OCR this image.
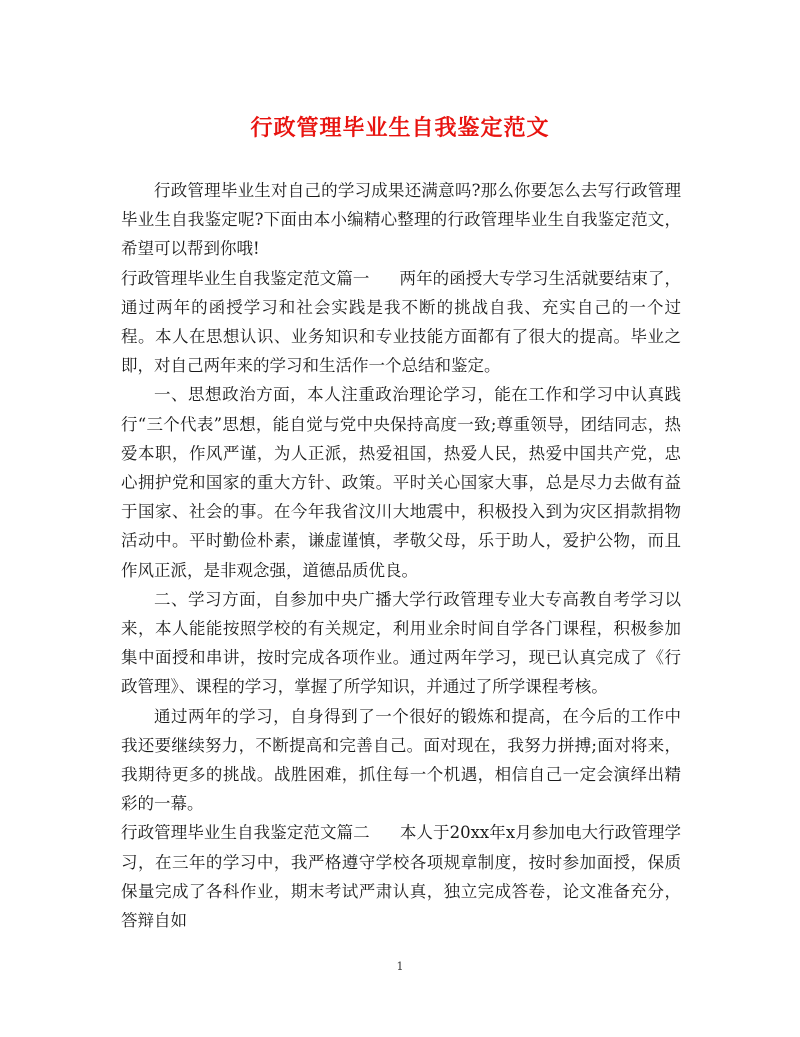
行政管理毕业生自我鉴定范文

行政管理毕业生对自己的学习成果还满意吗?那么你要怎么去写行政管理毕业生自我鉴定呢?下面由本小编精心整理的行政管理毕业生自我鉴定范文，希望可以帮到你哦!

行政管理毕业生自我鉴定范文篇一 两年的函授大专学习生活就要结束了，通过两年的函授学习和社会实践是我不断的挑战自我、充实自己的一个过程。本人在思想认识、业务知识和专业技能方面都有了很大的提高。毕业之即，对自己两年来的学习和生活作一个总结和鉴定。

一、思想政治方面，本人注重政治理论学习，能在工作和学习中认真践行“三个代表”思想，能自觉与党中央保持高度一致;尊重领导，团结同志，热爱本职，作风严谨，为人正派，热爱祖国，热爱人民，热爱中国共产党，忠心拥护党和国家的重大方针、政策。平时关心国家大事，总是尽力去做有益于国家、社会的事。在今年我省汶川大地震中，积极投入到为灾区捐款捐物活动中。平时勤俭朴素，谦虚谨慎，孝敬父母，乐于助人，爱护公物，而且作风正派，是非观念强，道德品质优良。

二、学习方面，自参加中央广播大学行政管理专业大专高教自考学习以来，本人能能按照学校的有关规定，利用业余时间自学各门课程，积极参加集中面授和串讲，按时完成各项作业。通过两年学习，现已认真完成了《行政管理》、课程的学习，掌握了所学知识，并通过了所学课程考核。

通过两年的学习，自身得到了一个很好的锻炼和提高，在今后的工作中我还要继续努力，不断提高和完善自己。面对现在，我努力拼搏;面对将来，我期待更多的挑战。战胜困难，抓住每一个机遇，相信自己一定会演绎出精彩的一幕。

行政管理毕业生自我鉴定范文篇二 本人于20xx年x月参加电大行政管理学习，在三年的学习中，我严格遵守学校各项规章制度，按时参加面授，保质保量完成了各科作业，期末考试严肃认真，独立完成答卷，论文准备充分，答辩自如

1
